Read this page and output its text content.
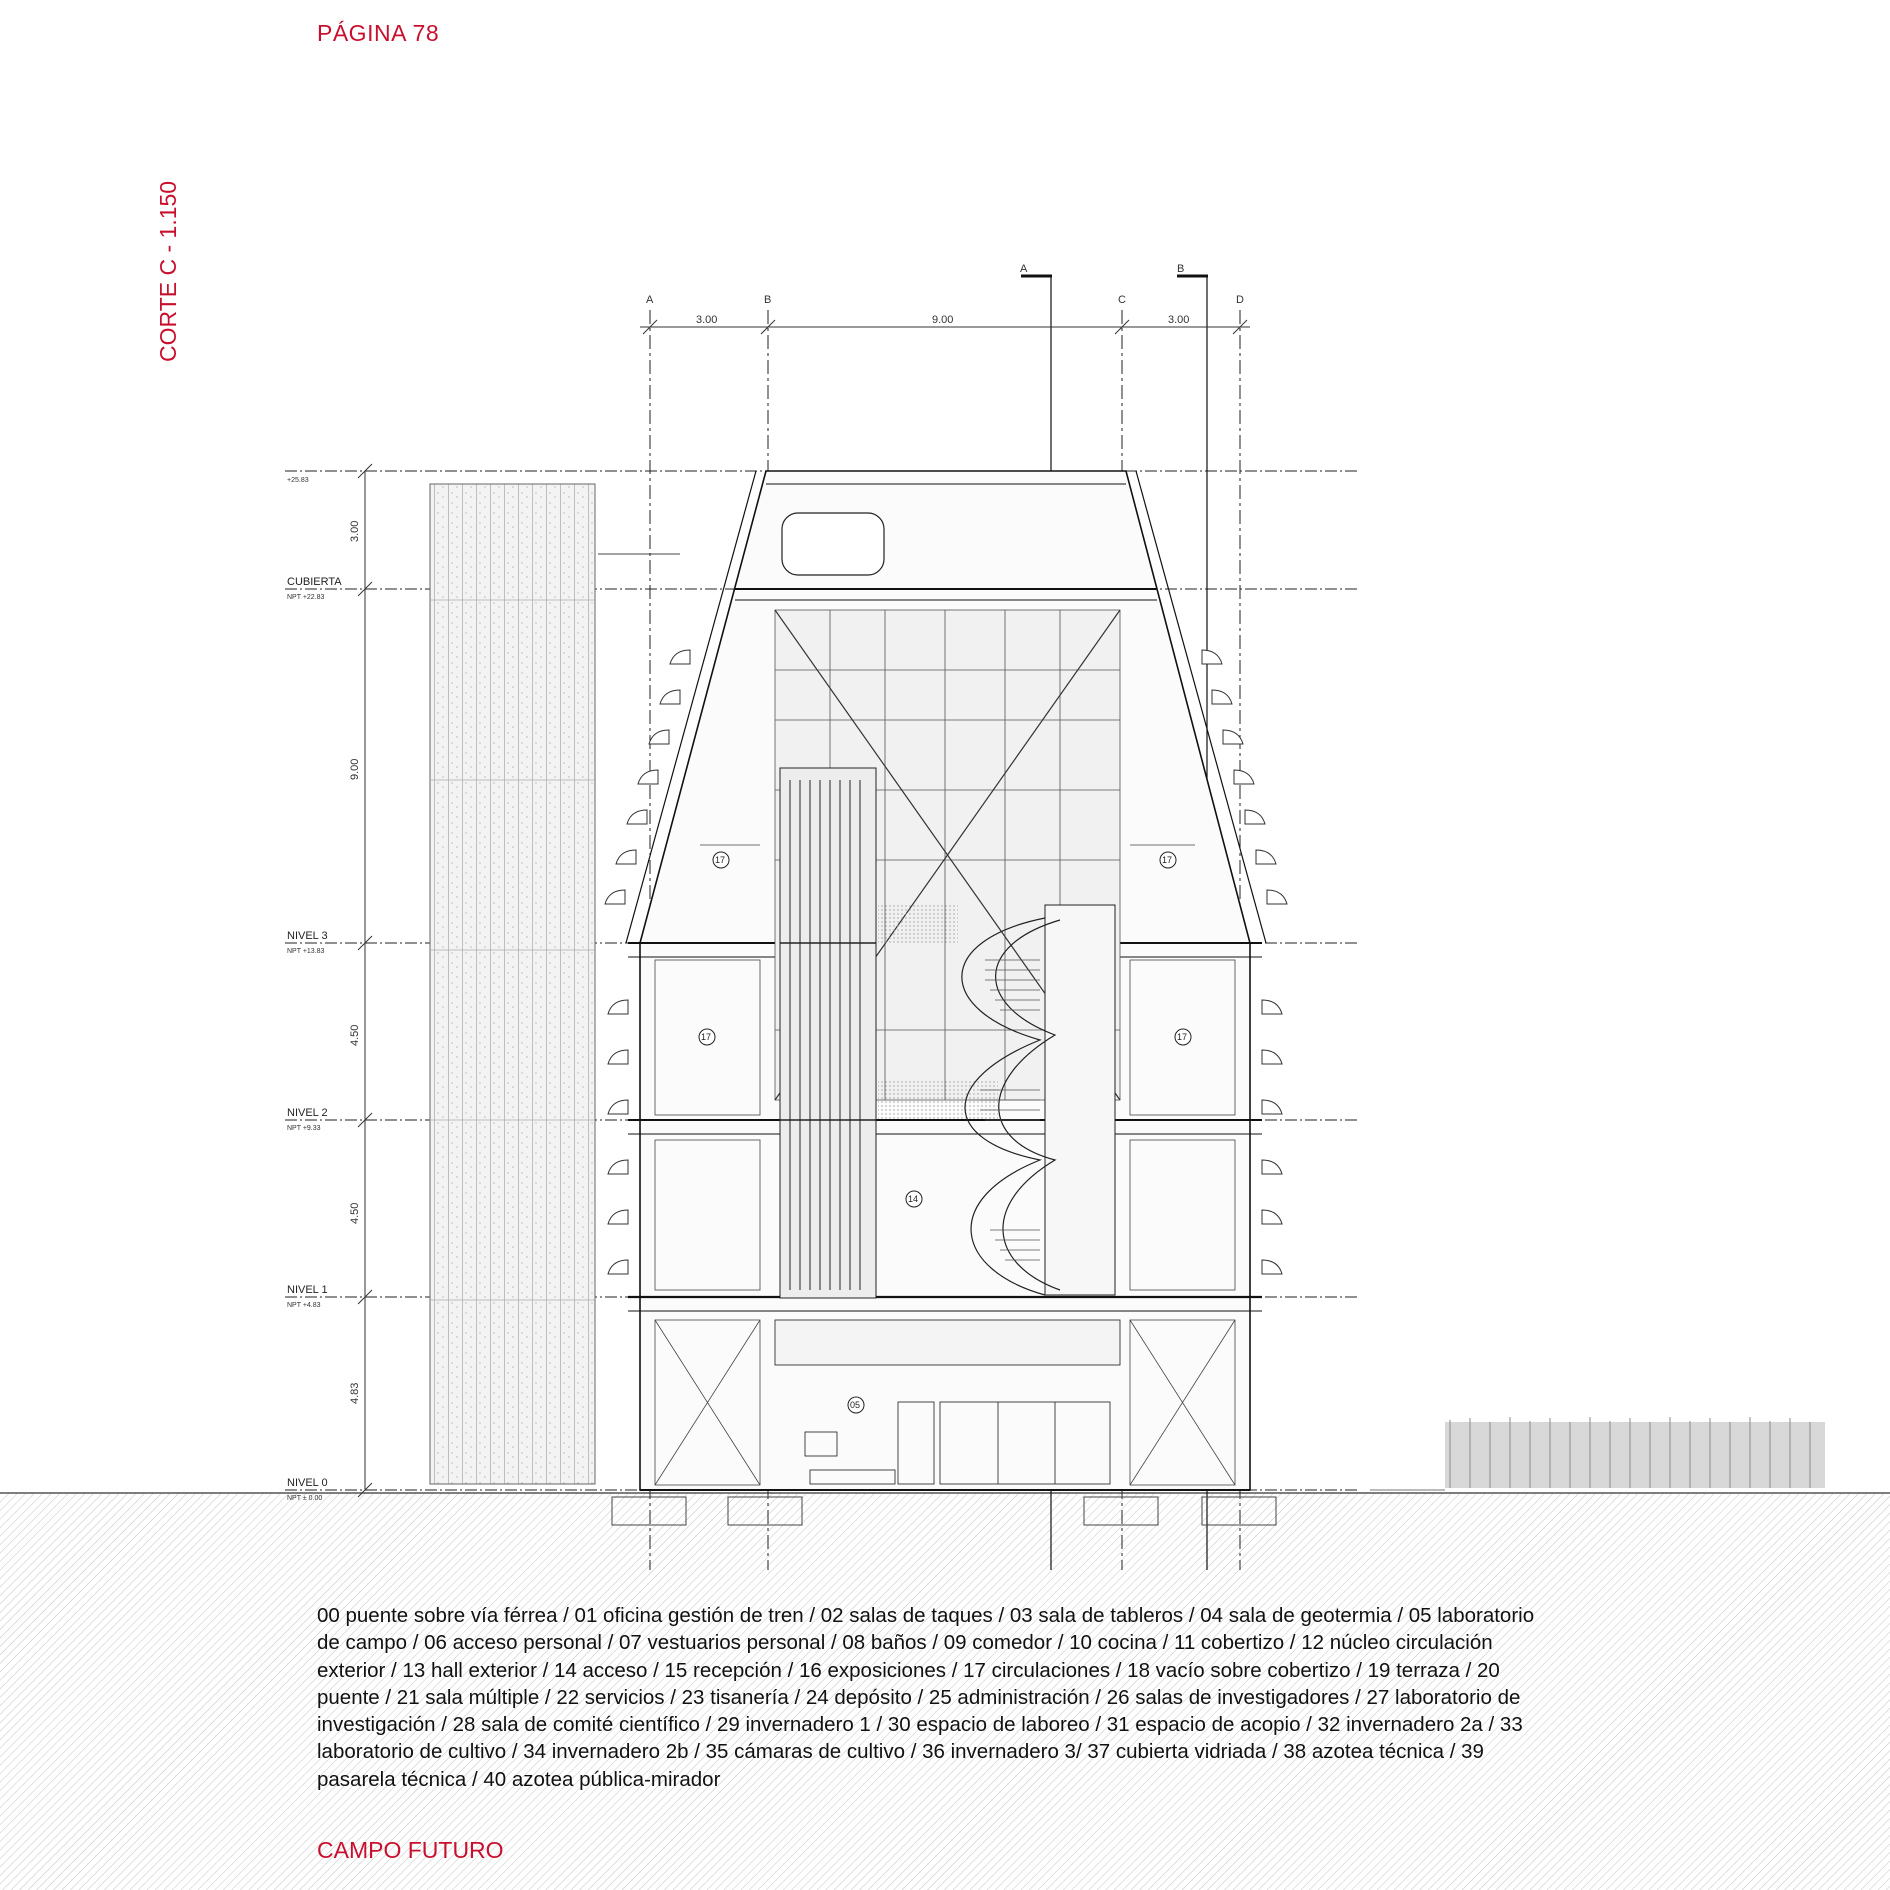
PÁGINA 78
CORTE C - 1.150
3.00
9.00
4.50
4.50
4.83
+25.83
CUBIERTA
NPT +22.83
NIVEL 3
NPT +13.83
NIVEL 2
NPT +9.33
NIVEL 1
NPT +4.83
NIVEL 0
NPT ± 0.00
A	B	C	D
A	B
3.00	9.00	3.00
17	17
17	17
14
05
00 puente sobre vía férrea / 01 oficina gestión de tren / 02 salas de taques / 03 sala de tableros / 04 sala de geotermia / 05 laboratorio de campo / 06 acceso personal / 07 vestuarios personal / 08 baños / 09 comedor / 10 cocina / 11 cobertizo / 12 núcleo circulación exterior / 13 hall exterior / 14 acceso / 15 recepción / 16 exposiciones / 17 circulaciones / 18 vacío sobre cobertizo / 19 terraza / 20 puente / 21 sala múltiple / 22 servicios / 23 tisanería / 24 depósito / 25 administración / 26 salas de investigadores / 27 laboratorio de investigación / 28 sala de comité científico / 29 invernadero 1 / 30 espacio de laboreo / 31 espacio de acopio / 32 invernadero 2a / 33 laboratorio de cultivo / 34 invernadero 2b / 35 cámaras de cultivo / 36 invernadero 3/ 37 cubierta vidriada / 38 azotea técnica / 39 pasarela técnica / 40 azotea pública-mirador
CAMPO FUTURO
